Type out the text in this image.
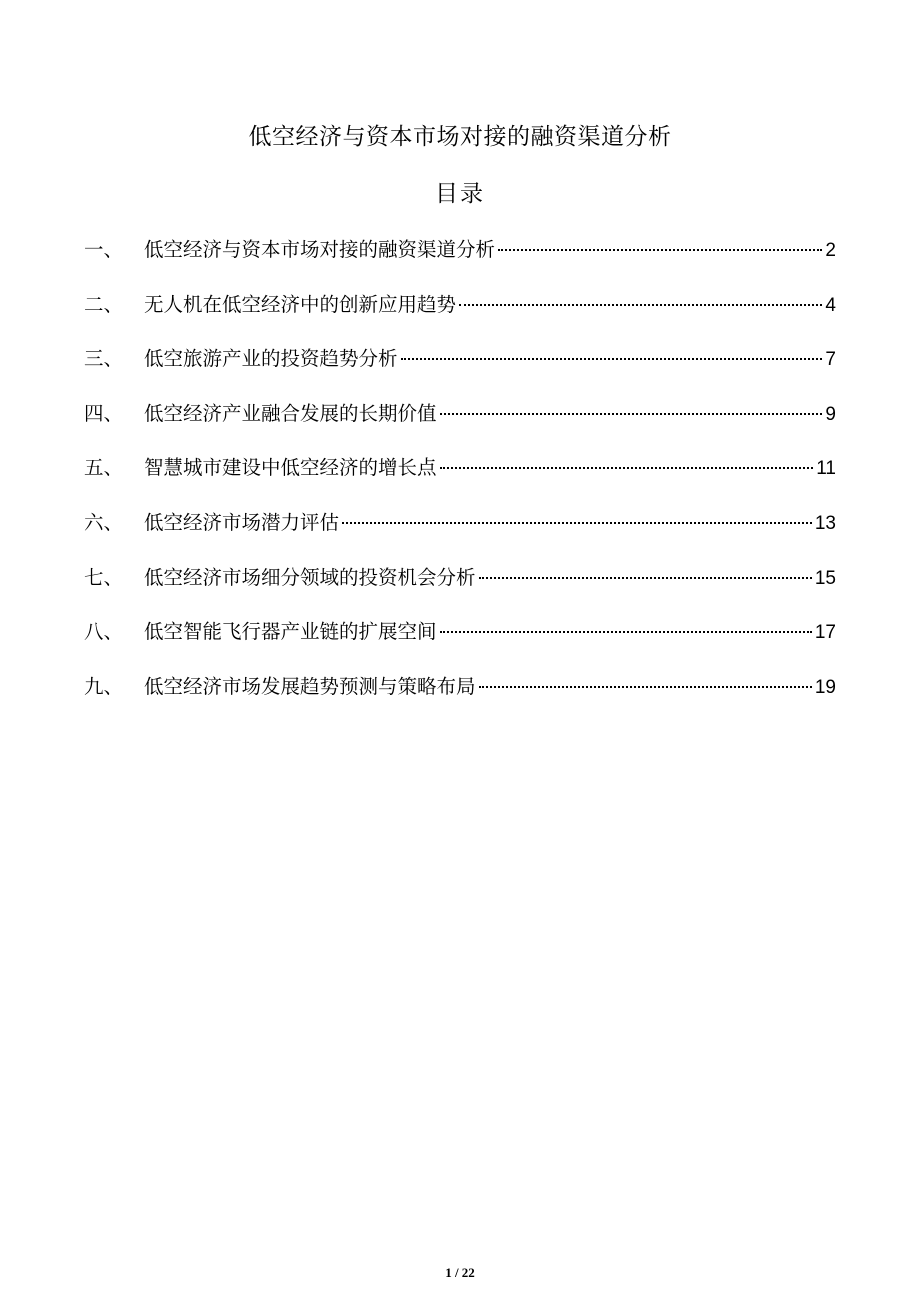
低空经济与资本市场对接的融资渠道分析
目录
一、	低空经济与资本市场对接的融资渠道分析	2
二、	无人机在低空经济中的创新应用趋势	4
三、	低空旅游产业的投资趋势分析	7
四、	低空经济产业融合发展的长期价值	9
五、	智慧城市建设中低空经济的增长点	11
六、	低空经济市场潜力评估	13
七、	低空经济市场细分领域的投资机会分析	15
八、	低空智能飞行器产业链的扩展空间	17
九、	低空经济市场发展趋势预测与策略布局	19
1 / 22
